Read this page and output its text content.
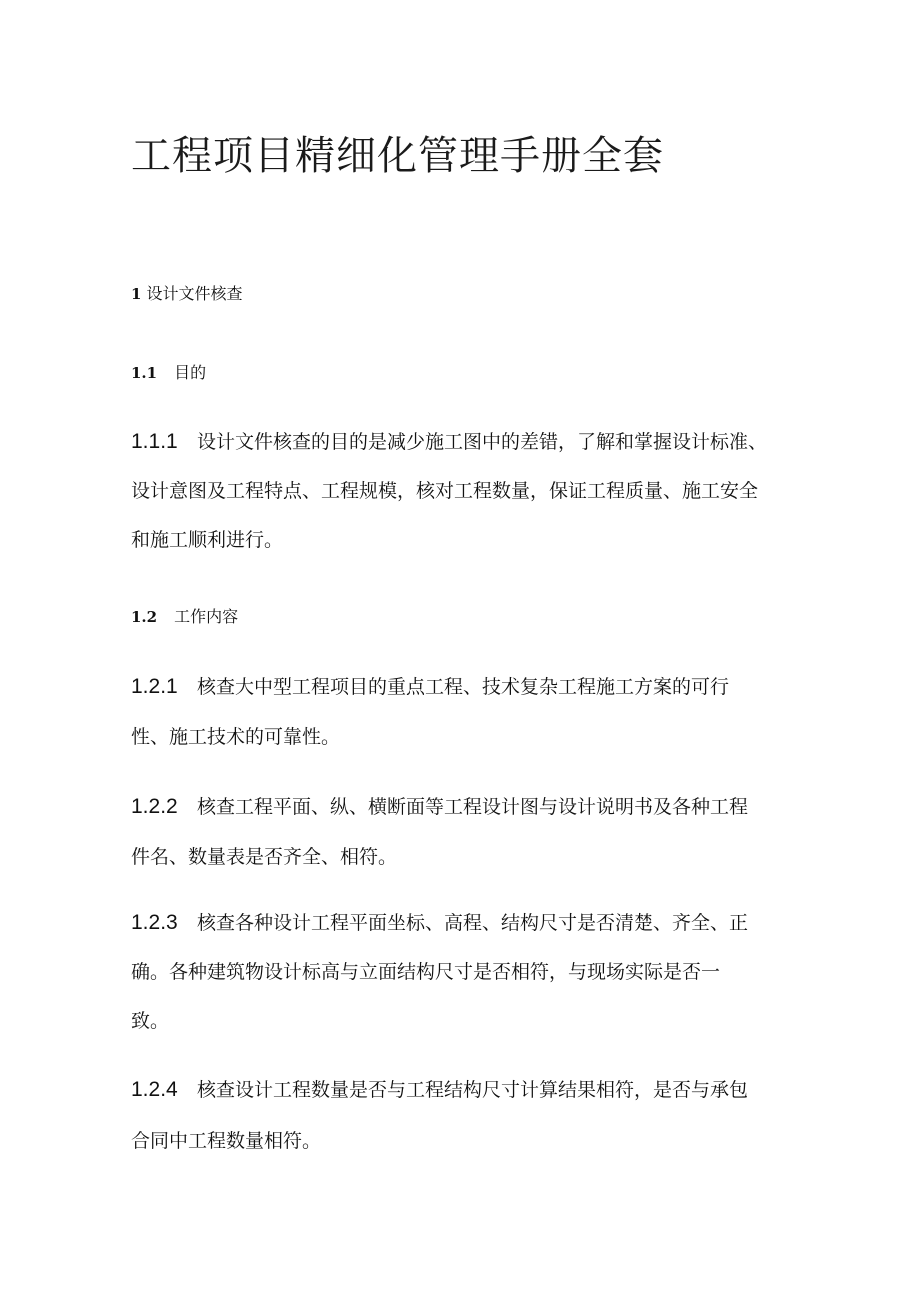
工程项目精细化管理手册全套
1 设计文件核查
1.1 目的
1.1.1 设计文件核查的目的是减少施工图中的差错，了解和掌握设计标准、
设计意图及工程特点、工程规模，核对工程数量，保证工程质量、施工安全
和施工顺利进行。
1.2 工作内容
1.2.1 核查大中型工程项目的重点工程、技术复杂工程施工方案的可行
性、施工技术的可靠性。
1.2.2 核查工程平面、纵、横断面等工程设计图与设计说明书及各种工程
件名、数量表是否齐全、相符。
1.2.3 核查各种设计工程平面坐标、高程、结构尺寸是否清楚、齐全、正
确。各种建筑物设计标高与立面结构尺寸是否相符，与现场实际是否一
致。
1.2.4 核查设计工程数量是否与工程结构尺寸计算结果相符，是否与承包
合同中工程数量相符。
